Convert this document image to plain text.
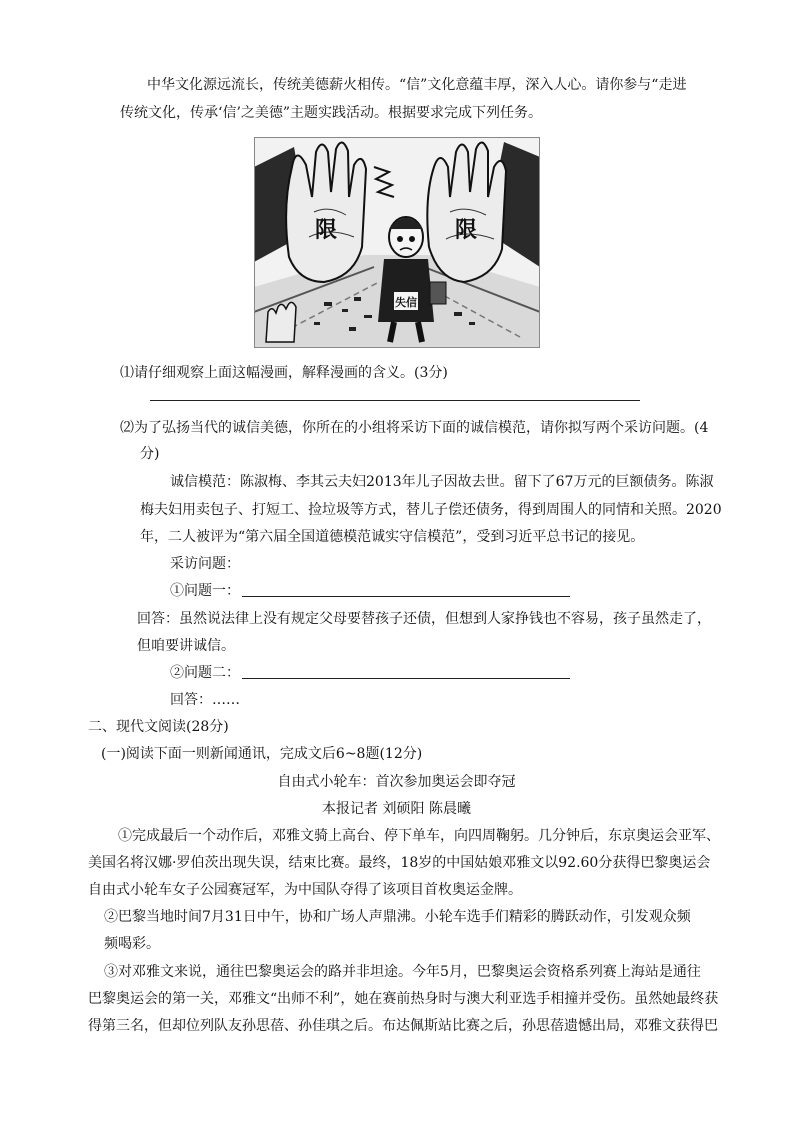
中华文化源远流长，传统美德薪火相传。“信”文化意蕴丰厚，深入人心。请你参与“走进
传统文化，传承‘信’之美德”主题实践活动。根据要求完成下列任务。
限	限
失信
⑴请仔细观察上面这幅漫画，解释漫画的含义。(3分)
⑵为了弘扬当代的诚信美德，你所在的小组将采访下面的诚信模范，请你拟写两个采访问题。(4
分)
诚信模范：陈淑梅、李其云夫妇2013年儿子因故去世。留下了67万元的巨额债务。陈淑
梅夫妇用卖包子、打短工、捡垃圾等方式，替儿子偿还债务，得到周围人的同情和关照。2020
年，二人被评为“第六届全国道德模范诚实守信模范”，受到习近平总书记的接见。
采访问题：
①问题一：
回答：虽然说法律上没有规定父母要替孩子还债，但想到人家挣钱也不容易，孩子虽然走了，
但咱要讲诚信。
②问题二：
回答：……
二、现代文阅读(28分)
(一)阅读下面一则新闻通讯，完成文后6~8题(12分)
自由式小轮车：首次参加奥运会即夺冠
本报记者 刘硕阳 陈晨曦
①完成最后一个动作后，邓雅文骑上高台、停下单车，向四周鞠躬。几分钟后，东京奥运会亚军、
美国名将汉娜·罗伯茨出现失误，结束比赛。最终，18岁的中国姑娘邓雅文以92.60分获得巴黎奥运会
自由式小轮车女子公园赛冠军，为中国队夺得了该项目首枚奥运金牌。
②巴黎当地时间7月31日中午，协和广场人声鼎沸。小轮车选手们精彩的腾跃动作，引发观众频
频喝彩。
③对邓雅文来说，通往巴黎奥运会的路并非坦途。今年5月，巴黎奥运会资格系列赛上海站是通往
巴黎奥运会的第一关，邓雅文“出师不利”，她在赛前热身时与澳大利亚选手相撞并受伤。虽然她最终获
得第三名，但却位列队友孙思蓓、孙佳琪之后。布达佩斯站比赛之后，孙思蓓遗憾出局，邓雅文获得巴
